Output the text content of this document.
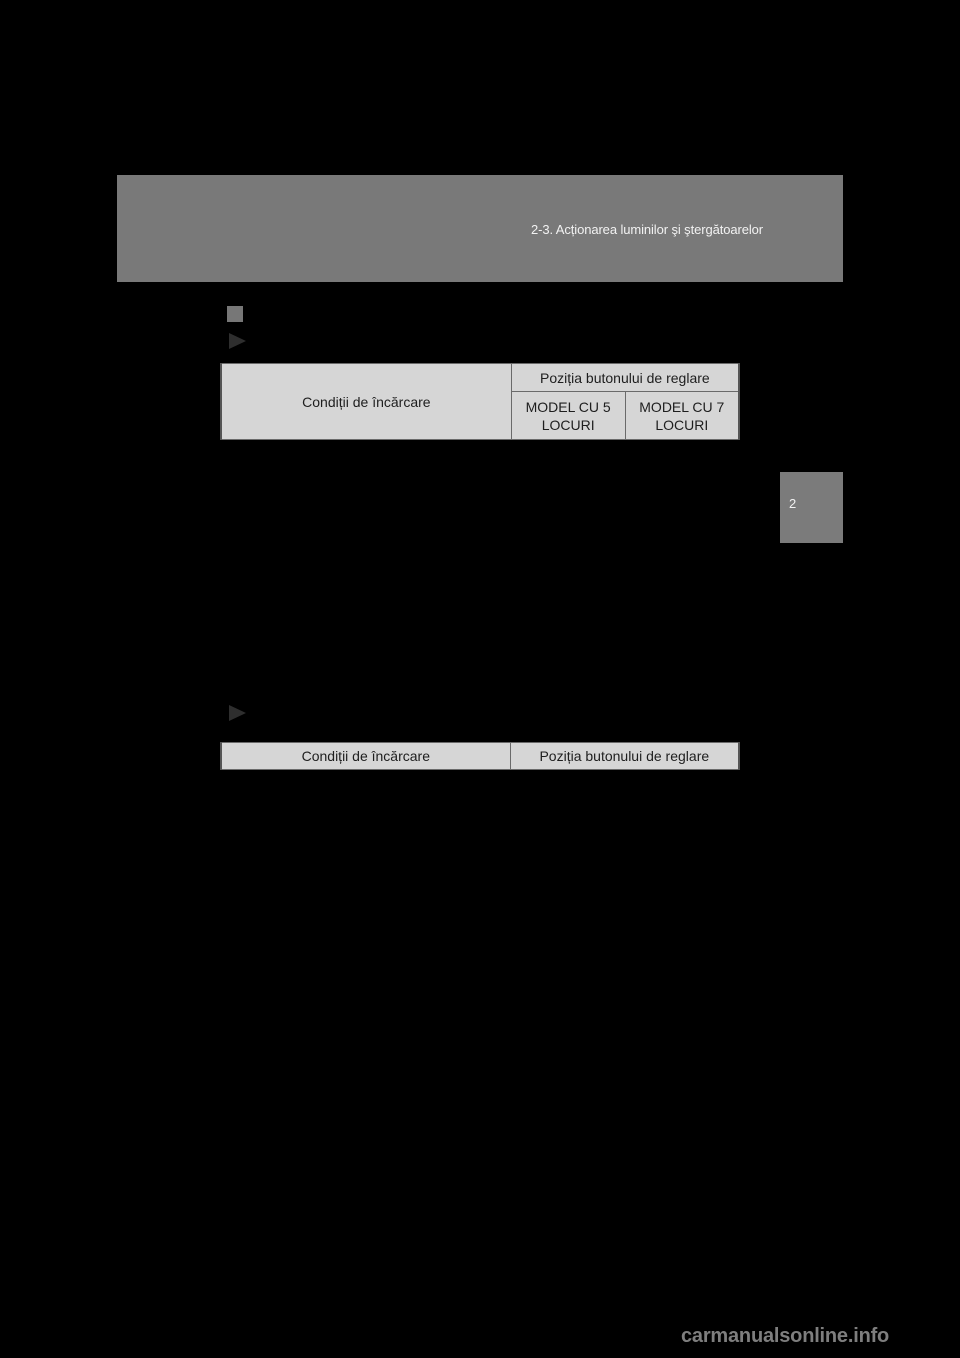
2-3. Acționarea luminilor şi ştergătoarelor
2
Condiții de încărcare	Poziția butonului de reglare	
	MODEL CU 5 LOCURI	MODEL CU 7 LOCURI
Condiții de încărcare	Poziția butonului de reglare
carmanualsonline.info
